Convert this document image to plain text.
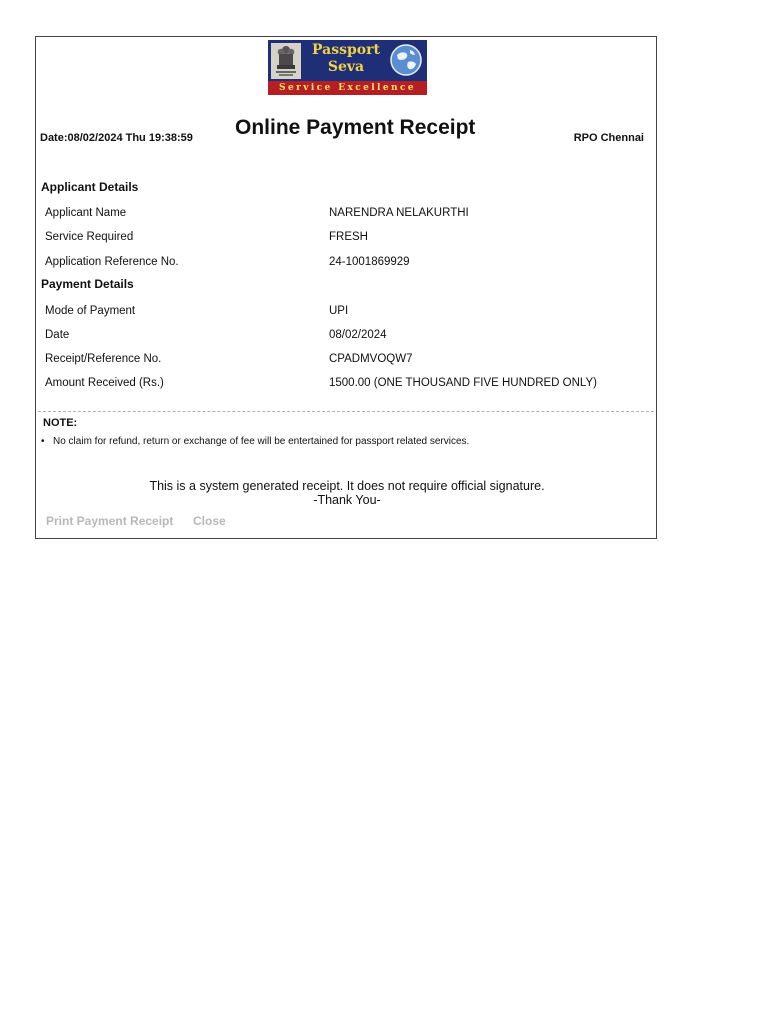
Passport
Seva
Service Excellence
Date:08/02/2024 Thu 19:38:59 Online Payment Receipt	RPO Chennai
Applicant Details
Applicant Name	NARENDRA NELAKURTHI
Service Required	FRESH
Application Reference No.	24-1001869929
Payment Details
Mode of Payment	UPI
Date	08/02/2024
Receipt/Reference No.	CPADMVOQW7
Amount Received (Rs.)	1500.00 (ONE THOUSAND FIVE HUNDRED ONLY)
NOTE:
• No claim for refund, return or exchange of fee will be entertained for passport related services.
This is a system generated receipt. It does not require official signature.
-Thank You-
Print Payment Receipt Close
